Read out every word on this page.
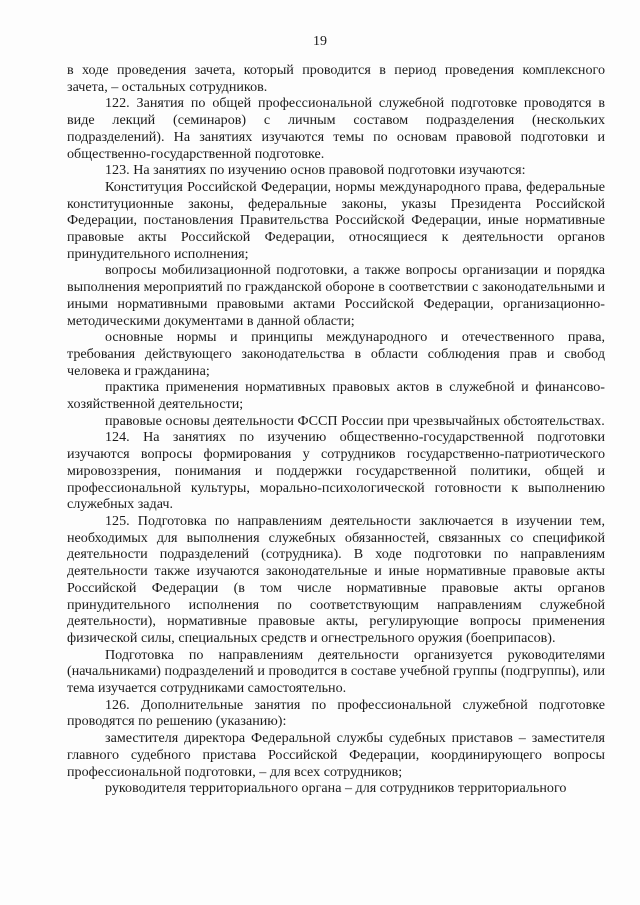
19

в ходе проведения зачета, который проводится в период проведения комплексного зачета, – остальных сотрудников.

122. Занятия по общей профессиональной служебной подготовке проводятся в виде лекций (семинаров) с личным составом подразделения (нескольких подразделений). На занятиях изучаются темы по основам правовой подготовки и общественно-государственной подготовке.

123. На занятиях по изучению основ правовой подготовки изучаются:

Конституция Российской Федерации, нормы международного права, федеральные конституционные законы, федеральные законы, указы Президента Российской Федерации, постановления Правительства Российской Федерации, иные нормативные правовые акты Российской Федерации, относящиеся к деятельности органов принудительного исполнения;

вопросы мобилизационной подготовки, а также вопросы организации и порядка выполнения мероприятий по гражданской обороне в соответствии с законодательными и иными нормативными правовыми актами Российской Федерации, организационно-методическими документами в данной области;

основные нормы и принципы международного и отечественного права, требования действующего законодательства в области соблюдения прав и свобод человека и гражданина;

практика применения нормативных правовых актов в служебной и финансово-хозяйственной деятельности;

правовые основы деятельности ФССП России при чрезвычайных обстоятельствах.

124. На занятиях по изучению общественно-государственной подготовки изучаются вопросы формирования у сотрудников государственно-патриотического мировоззрения, понимания и поддержки государственной политики, общей и профессиональной культуры, морально-психологической готовности к выполнению служебных задач.

125. Подготовка по направлениям деятельности заключается в изучении тем, необходимых для выполнения служебных обязанностей, связанных со спецификой деятельности подразделений (сотрудника). В ходе подготовки по направлениям деятельности также изучаются законодательные и иные нормативные правовые акты Российской Федерации (в том числе нормативные правовые акты органов принудительного исполнения по соответствующим направлениям служебной деятельности), нормативные правовые акты, регулирующие вопросы применения физической силы, специальных средств и огнестрельного оружия (боеприпасов).

Подготовка по направлениям деятельности организуется руководителями (начальниками) подразделений и проводится в составе учебной группы (подгруппы), или тема изучается сотрудниками самостоятельно.

126. Дополнительные занятия по профессиональной служебной подготовке проводятся по решению (указанию):

заместителя директора Федеральной службы судебных приставов – заместителя главного судебного пристава Российской Федерации, координирующего вопросы профессиональной подготовки, – для всех сотрудников;

руководителя территориального органа – для сотрудников территориального
